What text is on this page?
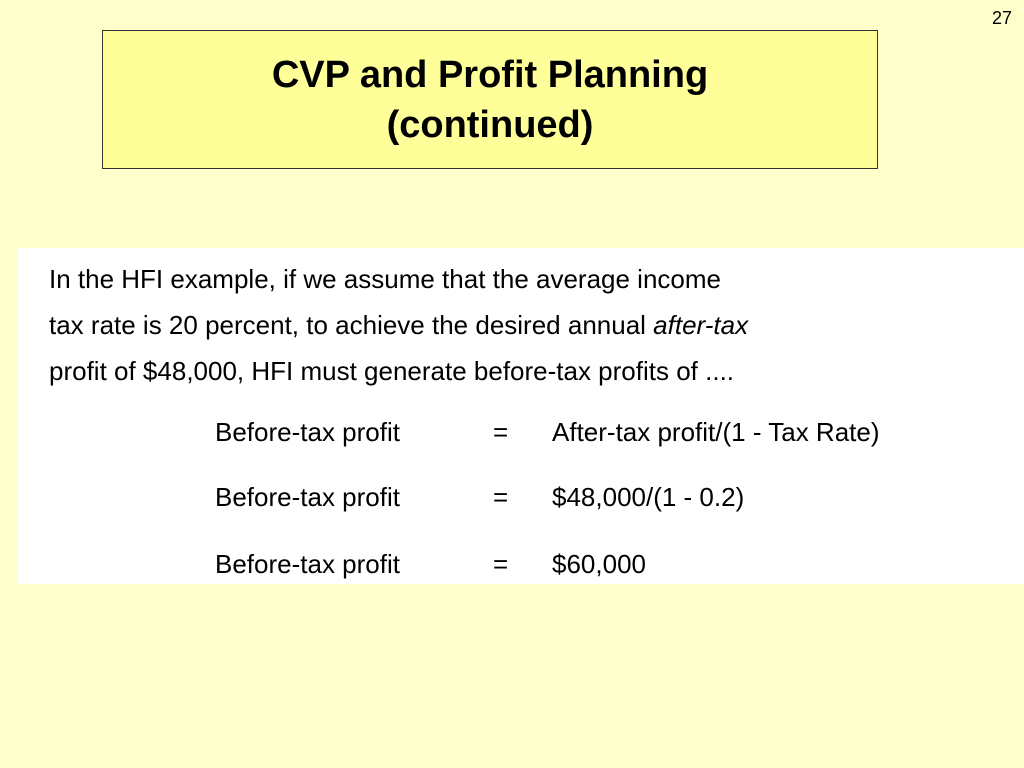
27
CVP and Profit Planning
(continued)
In the HFI example, if we assume that the average income
tax rate is 20 percent, to achieve the desired annual after-tax
profit of $48,000, HFI must generate before-tax profits of ....
Before-tax profit	= After-tax profit/(1 - Tax Rate)
Before-tax profit	= $48,000/(1 - 0.2)
Before-tax profit	= $60,000
